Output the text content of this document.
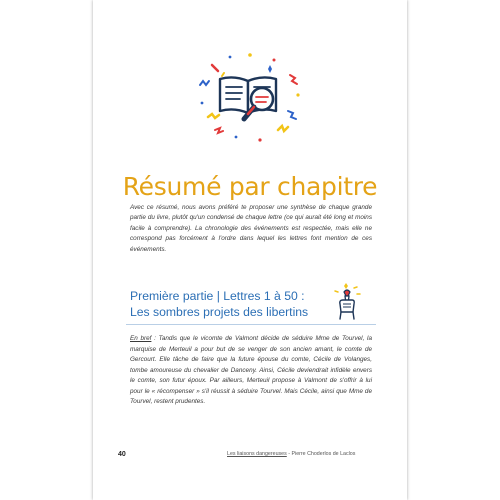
Résumé par chapitre
Avec ce résumé, nous avons préféré te proposer une synthèse de chaque grande partie du livre, plutôt qu'un condensé de chaque lettre (ce qui aurait été long et moins facile à comprendre). La chronologie des événements est respectée, mais elle ne correspond pas forcément à l'ordre dans lequel les lettres font mention de ces événements.
Première partie | Lettres 1 à 50 :
Les sombres projets des libertins
En bref : Tandis que le vicomte de Valmont décide de séduire Mme de Tourvel, la marquise de Merteuil a pour but de se venger de son ancien amant, le comte de Gercourt. Elle tâche de faire que la future épouse du comte, Cécile de Volanges, tombe amoureuse du chevalier de Danceny. Ainsi, Cécile deviendrait infidèle envers le comte, son futur époux. Par ailleurs, Merteuil propose à Valmont de s'offrir à lui pour le « récompenser » s'il réussit à séduire Tourvel. Mais Cécile, ainsi que Mme de Tourvel, restent prudentes.
40	Les liaisons dangereuses - Pierre Choderlos de Laclos
